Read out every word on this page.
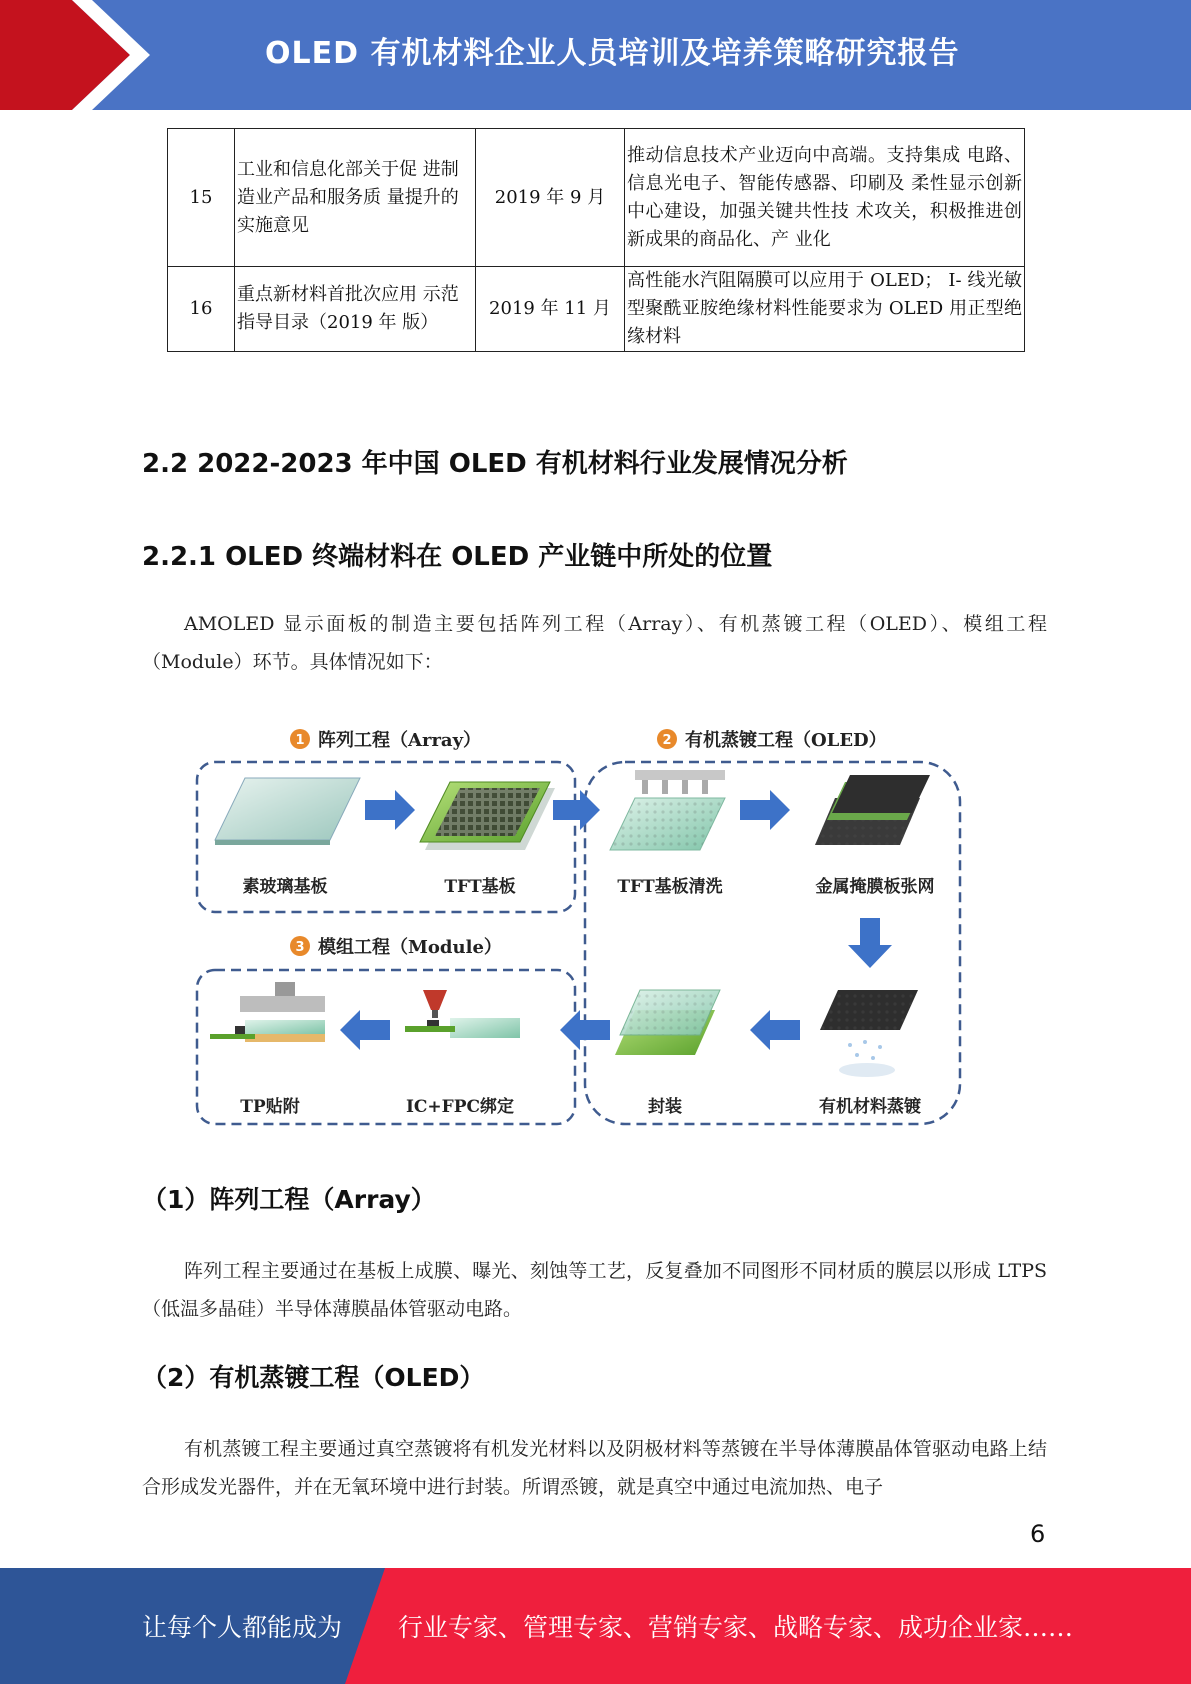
OLED 有机材料企业人员培训及培养策略研究报告
15	工业和信息化部关于促 进制造业产品和服务质 量提升的实施意见	2019 年 9 月	推动信息技术产业迈向中高端。支持集成 电路、信息光电子、智能传感器、印刷及 柔性显示创新中心建设，加强关键共性技 术攻关，积极推进创新成果的商品化、产 业化
16	重点新材料首批次应用 示范指导目录（2019 年 版）	2019 年 11 月	高性能水汽阻隔膜可以应用于 OLED； I- 线光敏型聚酰亚胺绝缘材料性能要求为 OLED 用正型绝缘材料
2.2 2022-2023 年中国 OLED 有机材料行业发展情况分析
2.2.1 OLED 终端材料在 OLED 产业链中所处的位置
AMOLED 显示面板的制造主要包括阵列工程（Array）、有机蒸镀工程（OLED）、模组工程（Module）环节。具体情况如下：
1 阵列工程（Array）	2 有机蒸镀工程（OLED）
3 模组工程（Module）
素玻璃基板	TFT基板	TFT基板清洗	金属掩膜板张网
有机材料蒸镀
封装
IC+FPC绑定
TP贴附
（1）阵列工程（Array）
阵列工程主要通过在基板上成膜、曝光、刻蚀等工艺，反复叠加不同图形不同材质的膜层以形成 LTPS（低温多晶硅）半导体薄膜晶体管驱动电路。
（2）有机蒸镀工程（OLED）
有机蒸镀工程主要通过真空蒸镀将有机发光材料以及阴极材料等蒸镀在半导体薄膜晶体管驱动电路上结合形成发光器件，并在无氧环境中进行封装。所谓烝镀，就是真空中通过电流加热、电子
6
让每个人都能成为 行业专家、管理专家、营销专家、战略专家、成功企业家……
